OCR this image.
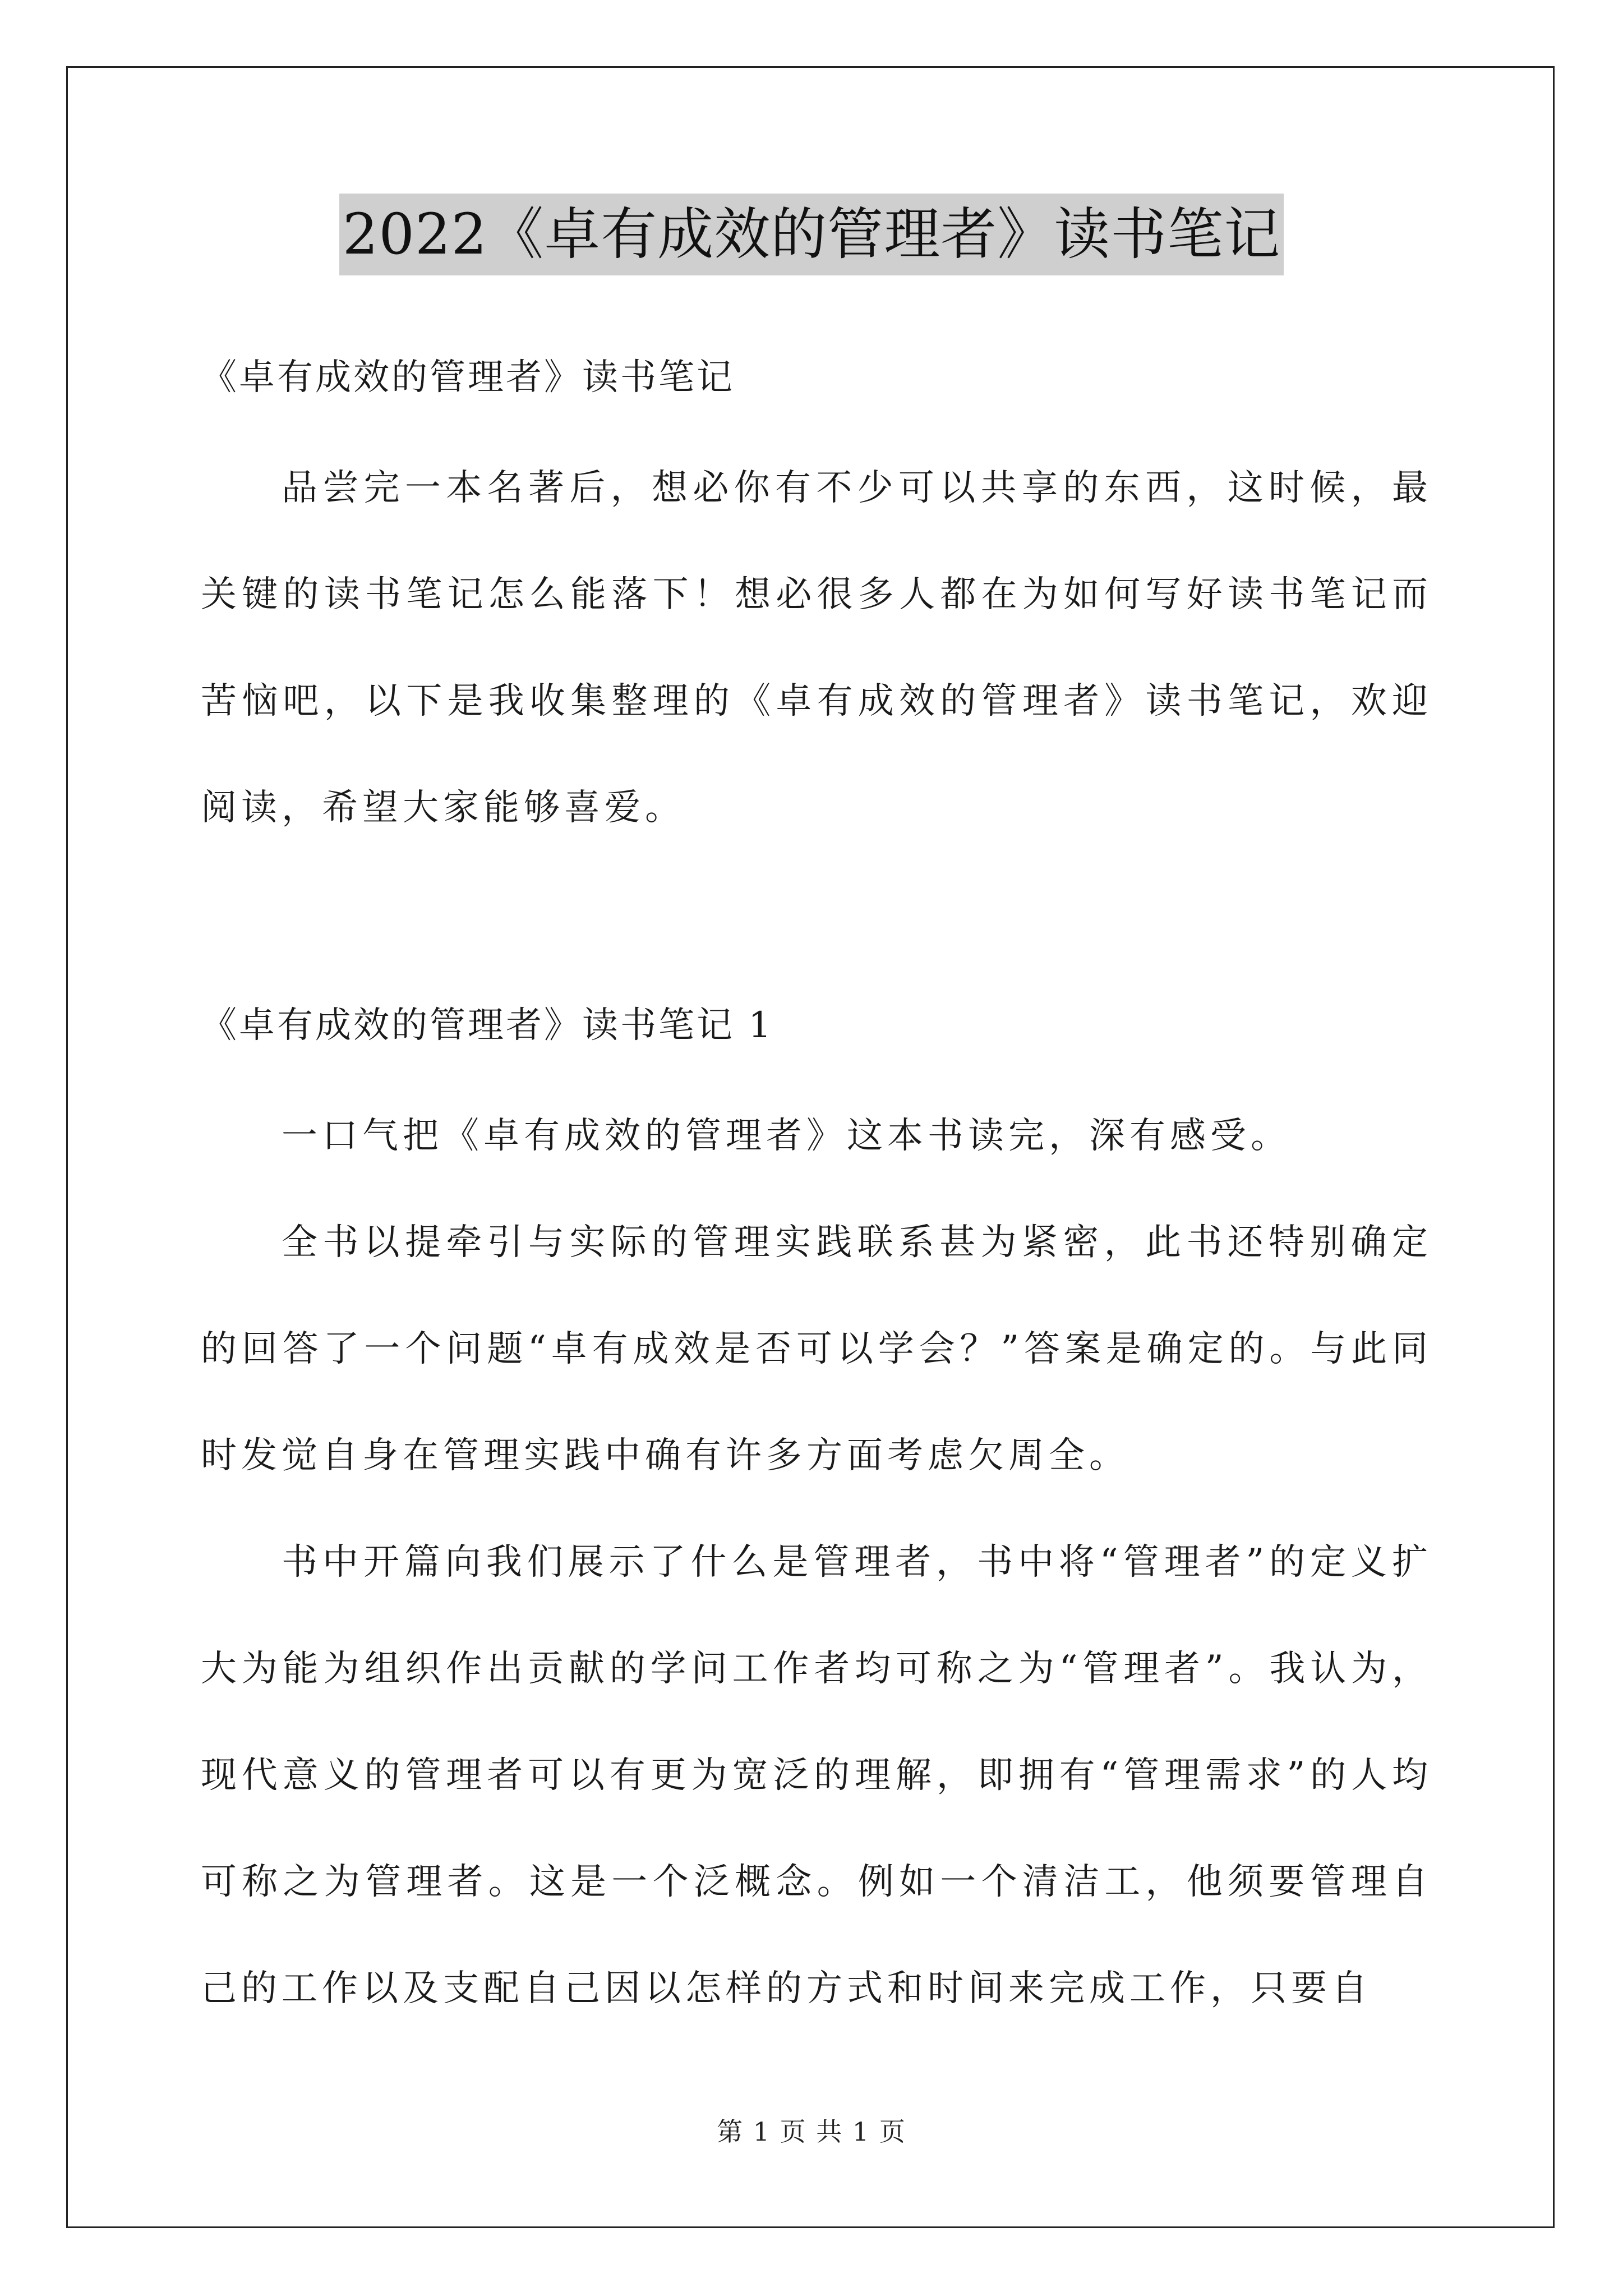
2022《卓有成效的管理者》读书笔记
《卓有成效的管理者》读书笔记
品尝完一本名著后，想必你有不少可以共享的东西，这时候，最关键的读书笔记怎么能落下！想必很多人都在为如何写好读书笔记而苦恼吧，以下是我收集整理的《卓有成效的管理者》读书笔记，欢迎阅读，希望大家能够喜爱。
《卓有成效的管理者》读书笔记 1
一口气把《卓有成效的管理者》这本书读完，深有感受。
全书以提牵引与实际的管理实践联系甚为紧密，此书还特别确定的回答了一个问题“卓有成效是否可以学会？”答案是确定的。与此同时发觉自身在管理实践中确有许多方面考虑欠周全。
书中开篇向我们展示了什么是管理者，书中将“管理者”的定义扩大为能为组织作出贡献的学问工作者均可称之为“管理者”。我认为，现代意义的管理者可以有更为宽泛的理解，即拥有“管理需求”的人均可称之为管理者。这是一个泛概念。例如一个清洁工，他须要管理自己的工作以及支配自己因以怎样的方式和时间来完成工作，只要自
第 1 页 共 1 页
